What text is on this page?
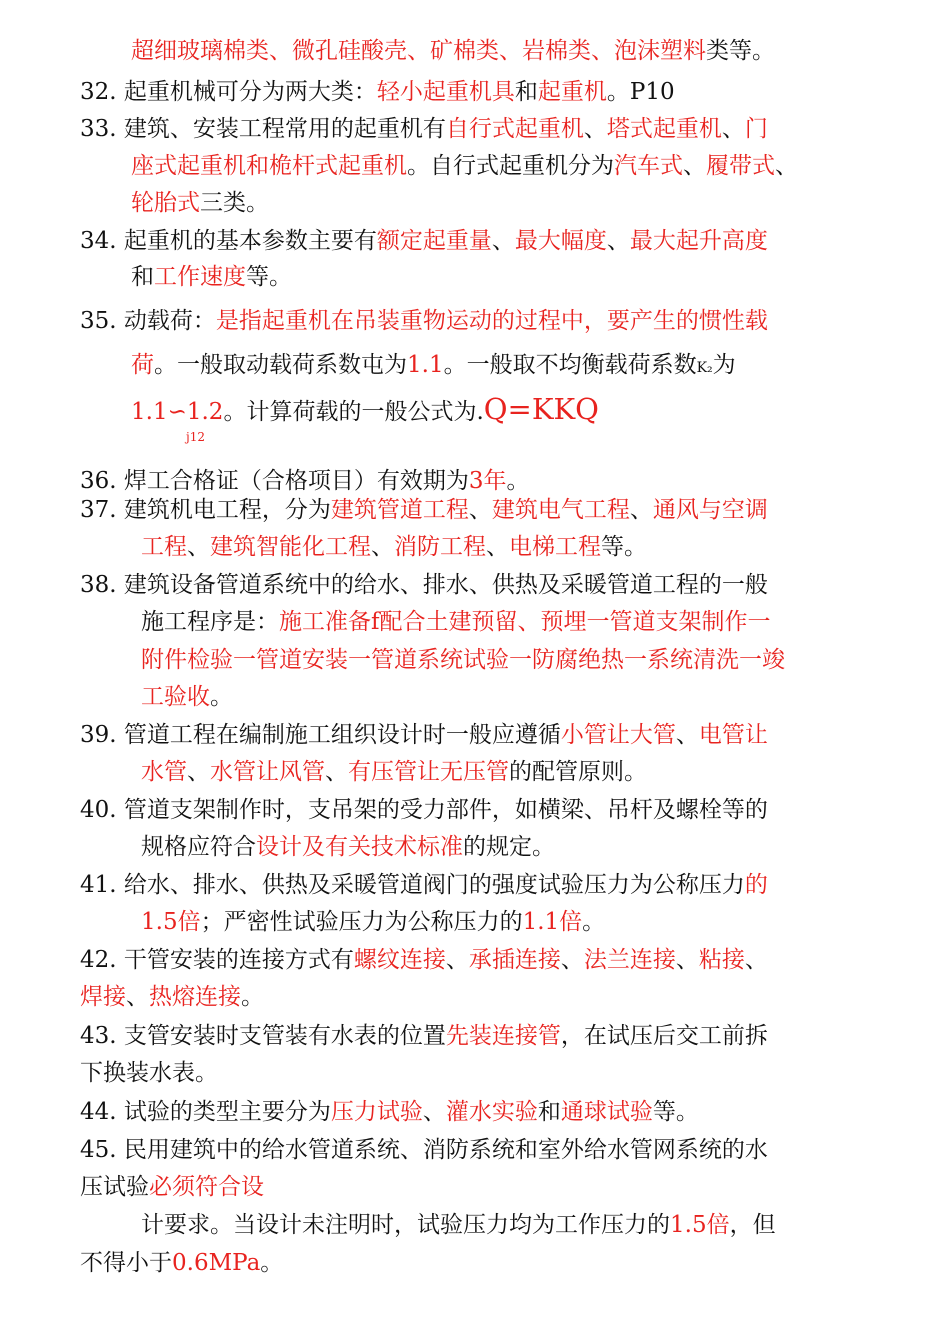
超细玻璃棉类、微孔硅酸壳、矿棉类、岩棉类、泡沫塑料类等。
32. 起重机械可分为两大类：轻小起重机具和起重机。P10
33. 建筑、安装工程常用的起重机有自行式起重机、塔式起重机、门
座式起重机和桅杆式起重机。自行式起重机分为汽车式、履带式、
轮胎式三类。
34. 起重机的基本参数主要有额定起重量、最大幅度、最大起升高度
和工作速度等。
35. 动载荷：是指起重机在吊装重物运动的过程中，要产生的惯性载
荷。一般取动载荷系数屯为1.1。一般取不均衡载荷系数K₂为
1.1∽1.2。计算荷载的一般公式为.Q=KKQ
36. 焊工合格证（合格项目）有效期为3年。
37. 建筑机电工程，分为建筑管道工程、建筑电气工程、通风与空调
工程、建筑智能化工程、消防工程、电梯工程等。
38. 建筑设备管道系统中的给水、排水、供热及采暖管道工程的一般
施工程序是：施工准备f配合土建预留、预埋一管道支架制作一
附件检验一管道安装一管道系统试验一防腐绝热一系统清洗一竣
工验收。
39. 管道工程在编制施工组织设计时一般应遵循小管让大管、电管让
水管、水管让风管、有压管让无压管的配管原则。
40. 管道支架制作时，支吊架的受力部件，如横梁、吊杆及螺栓等的
规格应符合设计及有关技术标准的规定。
41. 给水、排水、供热及采暖管道阀门的强度试验压力为公称压力的
1.5倍；严密性试验压力为公称压力的1.1倍。
42. 干管安装的连接方式有螺纹连接、承插连接、法兰连接、粘接、
焊接、热熔连接。
43. 支管安装时支管装有水表的位置先装连接管，在试压后交工前拆
下换装水表。
44. 试验的类型主要分为压力试验、灌水实验和通球试验等。
45. 民用建筑中的给水管道系统、消防系统和室外给水管网系统的水
压试验必须符合设
计要求。当设计未注明时，试验压力均为工作压力的1.5倍，但
不得小于0.6MPa。
j12
